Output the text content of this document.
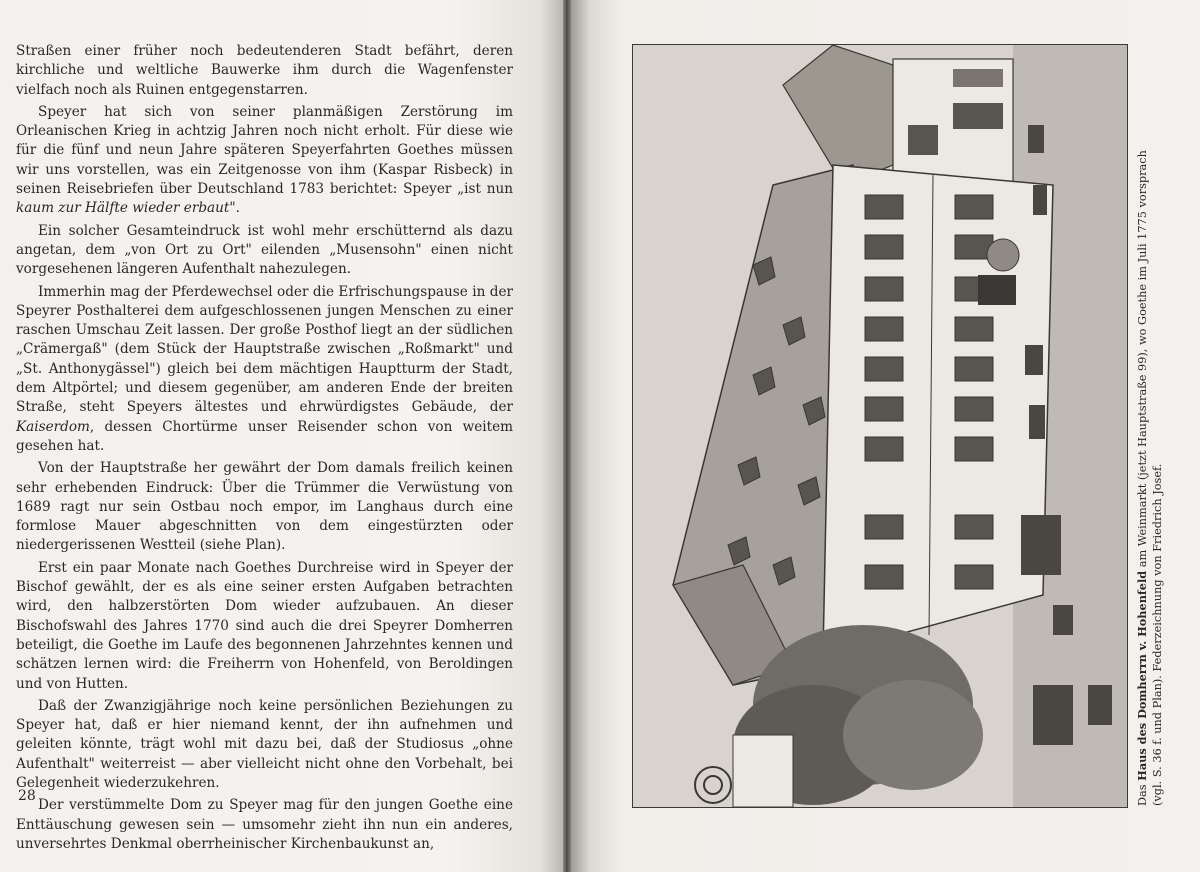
Straßen einer früher noch bedeutenderen Stadt befährt, deren kirchliche und weltliche Bauwerke ihm durch die Wagenfenster vielfach noch als Ruinen entgegenstarren.

Speyer hat sich von seiner planmäßigen Zerstörung im Orleanischen Krieg in achtzig Jahren noch nicht erholt. Für diese wie für die fünf und neun Jahre späteren Speyerfahrten Goethes müssen wir uns vorstellen, was ein Zeitgenosse von ihm (Kaspar Risbeck) in seinen Reisebriefen über Deutschland 1783 berichtet: Speyer „ist nun kaum zur Hälfte wieder erbaut".

Ein solcher Gesamteindruck ist wohl mehr erschütternd als dazu angetan, dem „von Ort zu Ort" eilenden „Musensohn" einen nicht vorgesehenen längeren Aufenthalt nahezulegen.

Immerhin mag der Pferdewechsel oder die Erfrischungspause in der Speyrer Posthalterei dem aufgeschlossenen jungen Menschen zu einer raschen Umschau Zeit lassen. Der große Posthof liegt an der südlichen „Crämergaß" (dem Stück der Hauptstraße zwischen „Roßmarkt" und „St. Anthonygässel") gleich bei dem mächtigen Hauptturm der Stadt, dem Altpörtel; und diesem gegenüber, am anderen Ende der breiten Straße, steht Speyers ältestes und ehrwürdigstes Gebäude, der Kaiserdom, dessen Chortürme unser Reisender schon von weitem gesehen hat.

Von der Hauptstraße her gewährt der Dom damals freilich keinen sehr erhebenden Eindruck: Über die Trümmer die Verwüstung von 1689 ragt nur sein Ostbau noch empor, im Langhaus durch eine formlose Mauer abgeschnitten von dem eingestürzten oder niedergerissenen Westteil (siehe Plan).

Erst ein paar Monate nach Goethes Durchreise wird in Speyer der Bischof gewählt, der es als eine seiner ersten Aufgaben betrachten wird, den halbzerstörten Dom wieder aufzubauen. An dieser Bischofswahl des Jahres 1770 sind auch die drei Speyrer Domherren beteiligt, die Goethe im Laufe des begonnenen Jahrzehntes kennen und schätzen lernen wird: die Freiherrn von Hohenfeld, von Beroldingen und von Hutten.

Daß der Zwanzigjährige noch keine persönlichen Beziehungen zu Speyer hat, daß er hier niemand kennt, der ihn aufnehmen und geleiten könnte, trägt wohl mit dazu bei, daß der Studiosus „ohne Aufenthalt" weiterreist — aber vielleicht nicht ohne den Vorbehalt, bei Gelegenheit wiederzukehren.

Der verstümmelte Dom zu Speyer mag für den jungen Goethe eine Enttäuschung gewesen sein — umsomehr zieht ihn nun ein anderes, unversehrtes Denkmal oberrheinischer Kirchenbaukunst an,

28	Das Haus des Domherrn v. Hohenfeld am Weinmarkt (jetzt Hauptstraße 99), wo Goethe im Juli 1775 vorsprach
(vgl. S. 36 f. und Plan). Federzeichnung von Friedrich Josef.
